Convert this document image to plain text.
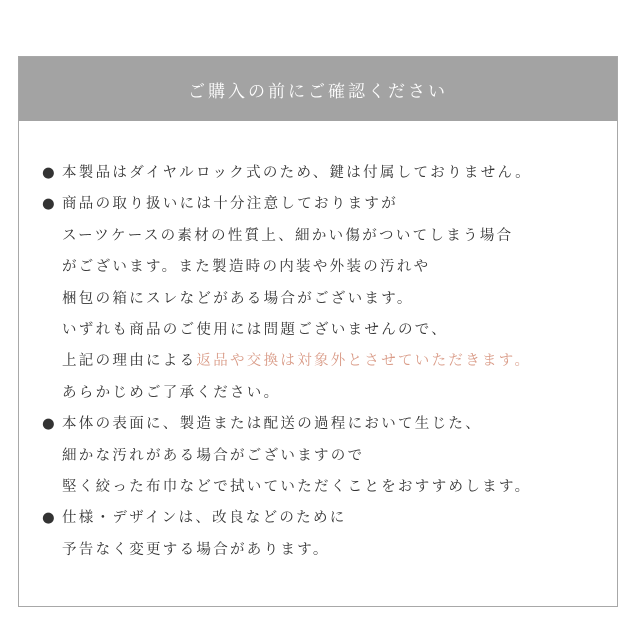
ご購入の前にご確認ください
● 本製品はダイヤルロック式のため、鍵は付属しておりません。
● 商品の取り扱いには十分注意しておりますが
スーツケースの素材の性質上、細かい傷がついてしまう場合
がございます。また製造時の内装や外装の汚れや
梱包の箱にスレなどがある場合がございます。
いずれも商品のご使用には問題ございませんので、
上記の理由による返品や交換は対象外とさせていただきます。
あらかじめご了承ください。
● 本体の表面に、製造または配送の過程において生じた、
細かな汚れがある場合がございますので
堅く絞った布巾などで拭いていただくことをおすすめします。
● 仕様・デザインは、改良などのために
予告なく変更する場合があります。
